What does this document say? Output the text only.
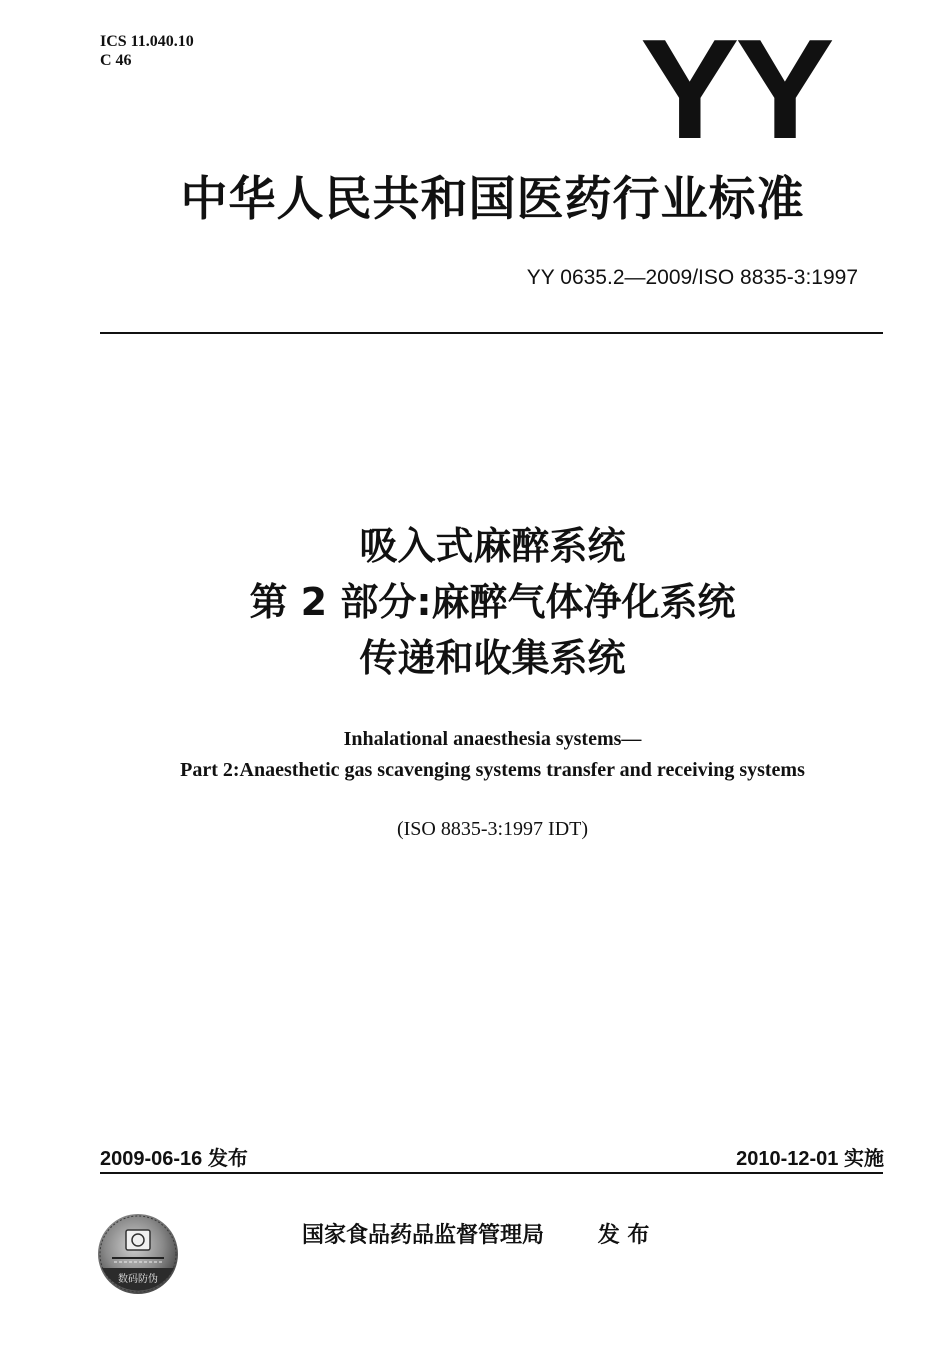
ICS 11.040.10
C 46	YY
中华人民共和国医药行业标准
YY 0635.2—2009/ISO 8835-3:1997
吸入式麻醉系统
第 2 部分:麻醉气体净化系统
传递和收集系统
Inhalational anaesthesia systems—
Part 2:Anaesthetic gas scavenging systems transfer and receiving systems
(ISO 8835-3:1997 IDT)
2009-06-16 发布	2010-12-01 实施
数码防伪
国家食品药品监督管理局 发 布
